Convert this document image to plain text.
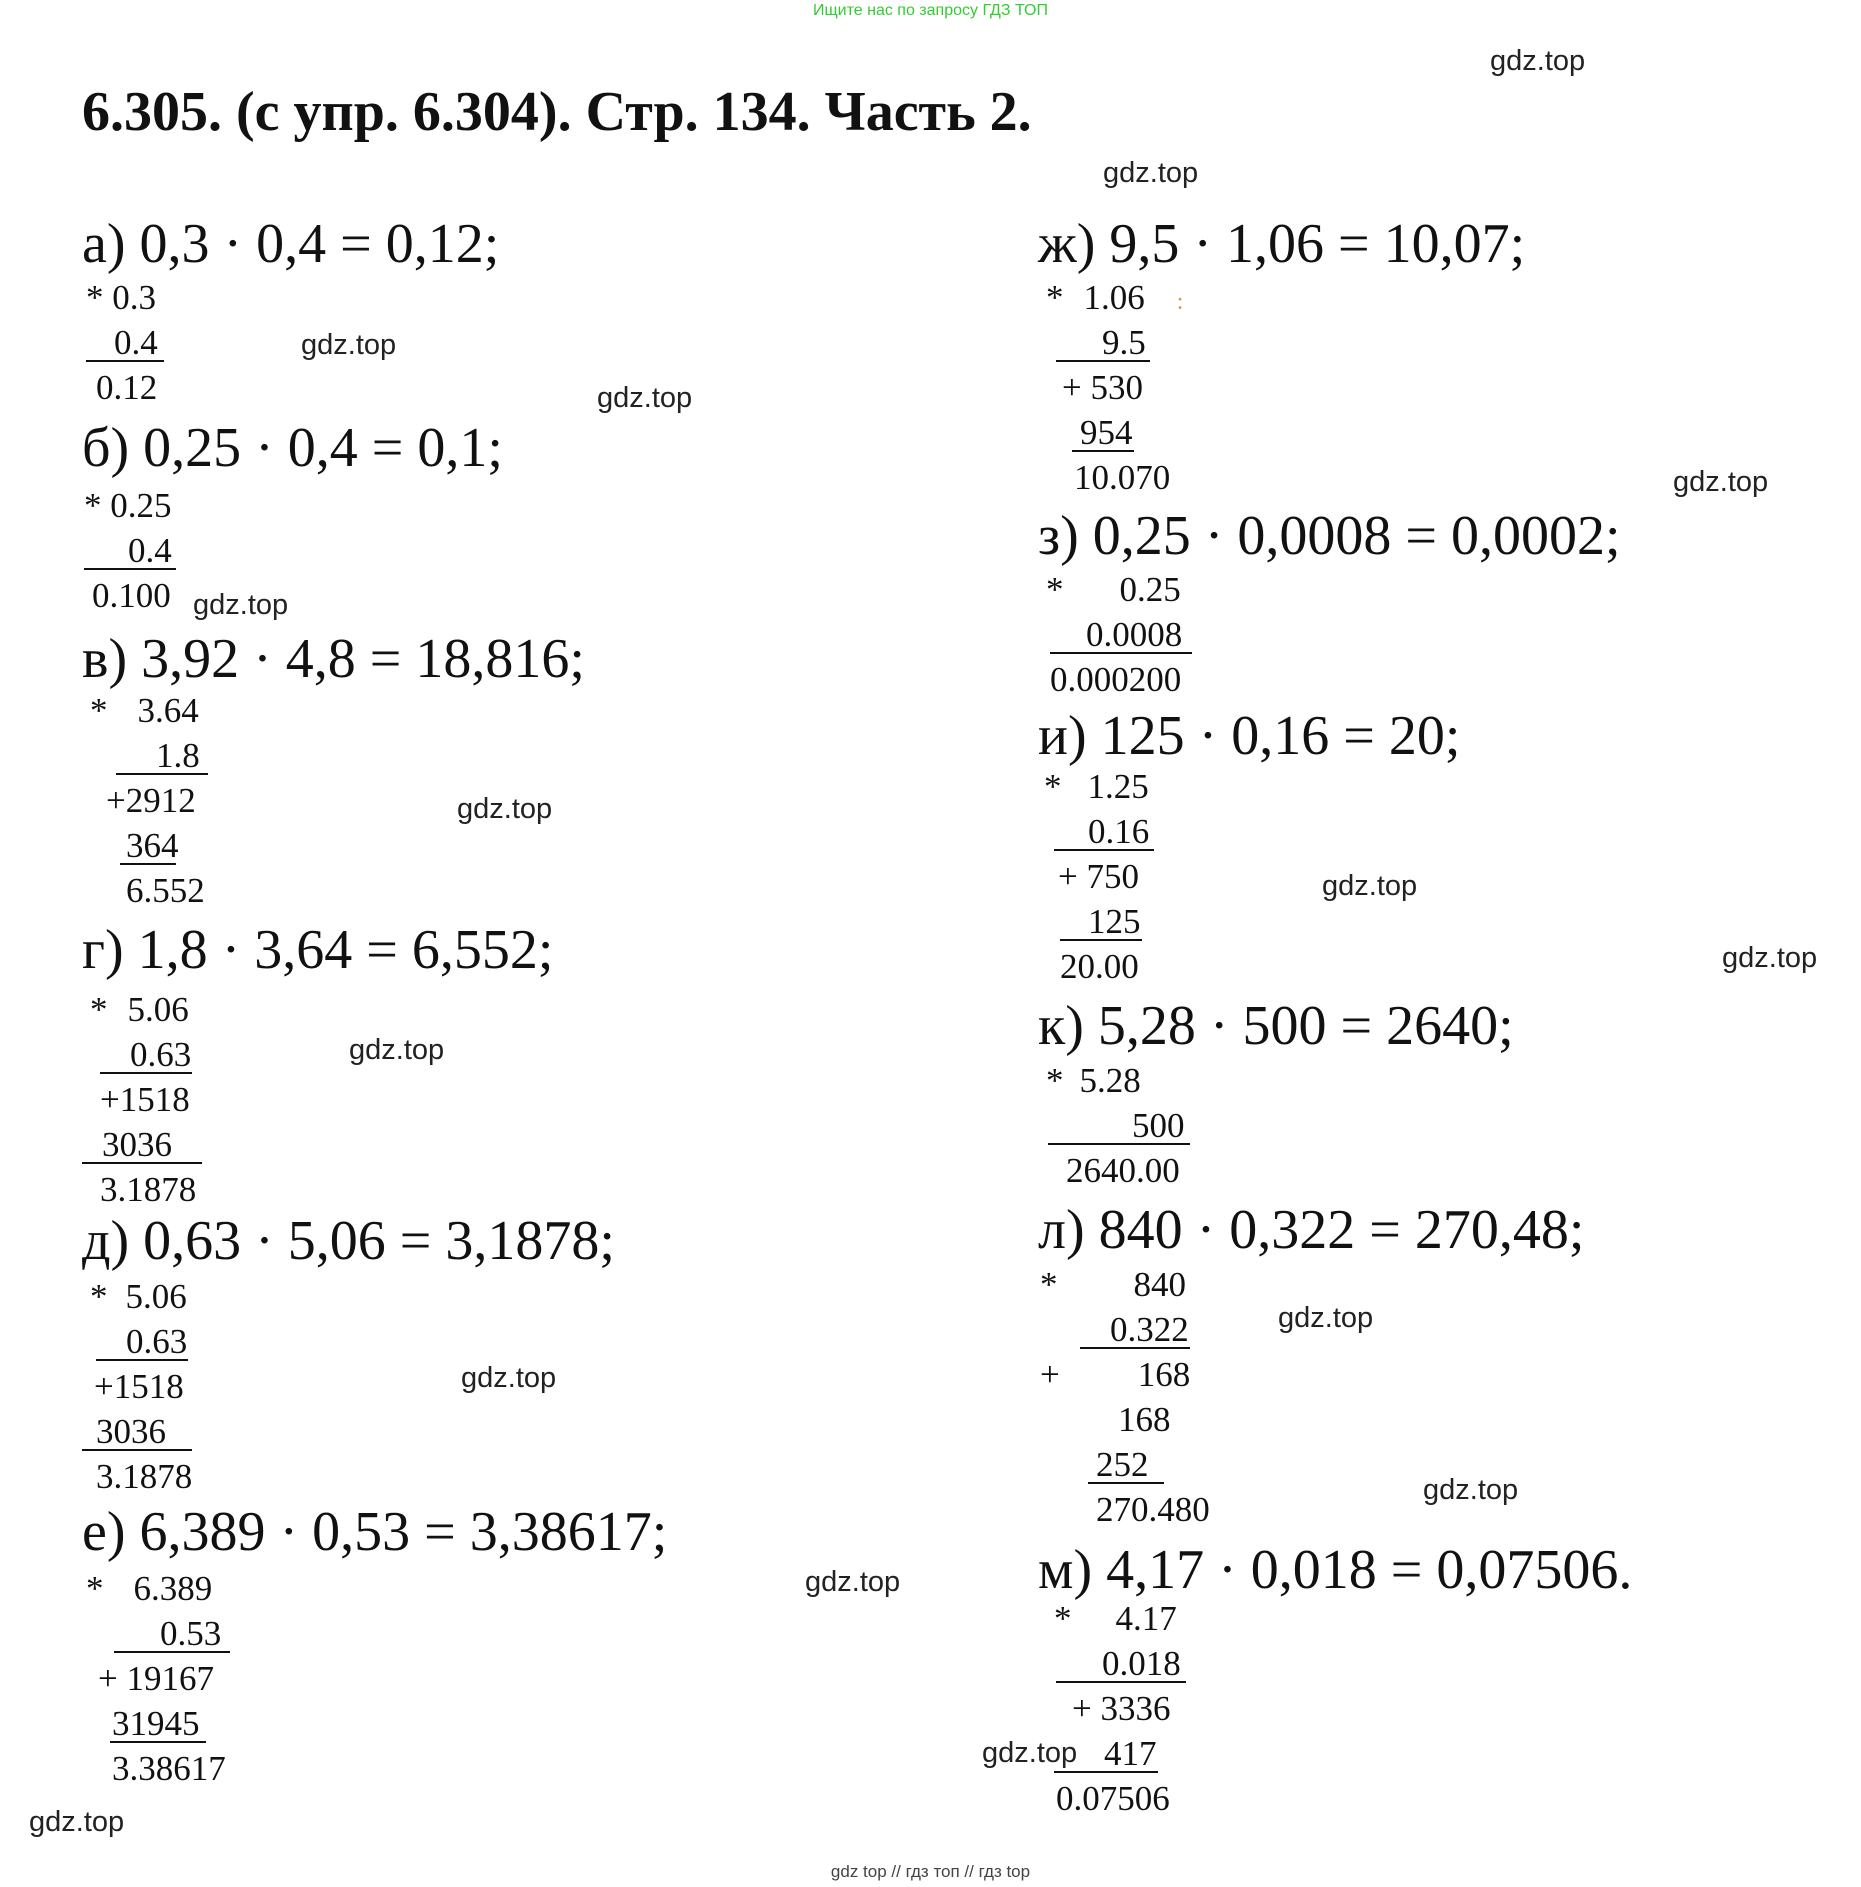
Ищите нас по запросу ГДЗ ТОП
6.305. (с упр. 6.304). Стр. 134. Часть 2.
gdz.top
gdz.top
gdz.top
gdz.top
gdz.top
gdz.top
gdz.top
gdz.top
gdz.top
gdz.top
gdz.top
gdz.top
gdz.top
gdz.top
gdz.top
gdz.top
а) 0,3 · 0,4 = 0,12;
* 0.3
0.4
0.12
б) 0,25 · 0,4 = 0,1;
* 0.25
0.4
0.100
в) 3,92 · 4,8 = 18,816;
* 3.64
1.8
+2912
364
6.552
г) 1,8 · 3,64 = 6,552;
* 5.06
0.63
+1518
3036
3.1878
д) 0,63 · 5,06 = 3,1878;
* 5.06
0.63
+1518
3036
3.1878
е) 6,389 · 0,53 = 3,38617;
* 6.389
0.53
+ 19167
31945
3.38617
ж) 9,5 · 1,06 = 10,07;
* 1.06 :
9.5
+ 530
954
10.070
з) 0,25 · 0,0008 = 0,0002;
* 0.25
0.0008
0.000200
и) 125 · 0,16 = 20;
* 1.25
0.16
+ 750
125
20.00
к) 5,28 · 500 = 2640;
* 5.28
500
2640.00
л) 840 · 0,322 = 270,48;
* 840
0.322
+ 168
168
252
270.480
м) 4,17 · 0,018 = 0,07506.
* 4.17
0.018
+ 3336
417
0.07506
gdz top // гдз топ // гдз top
